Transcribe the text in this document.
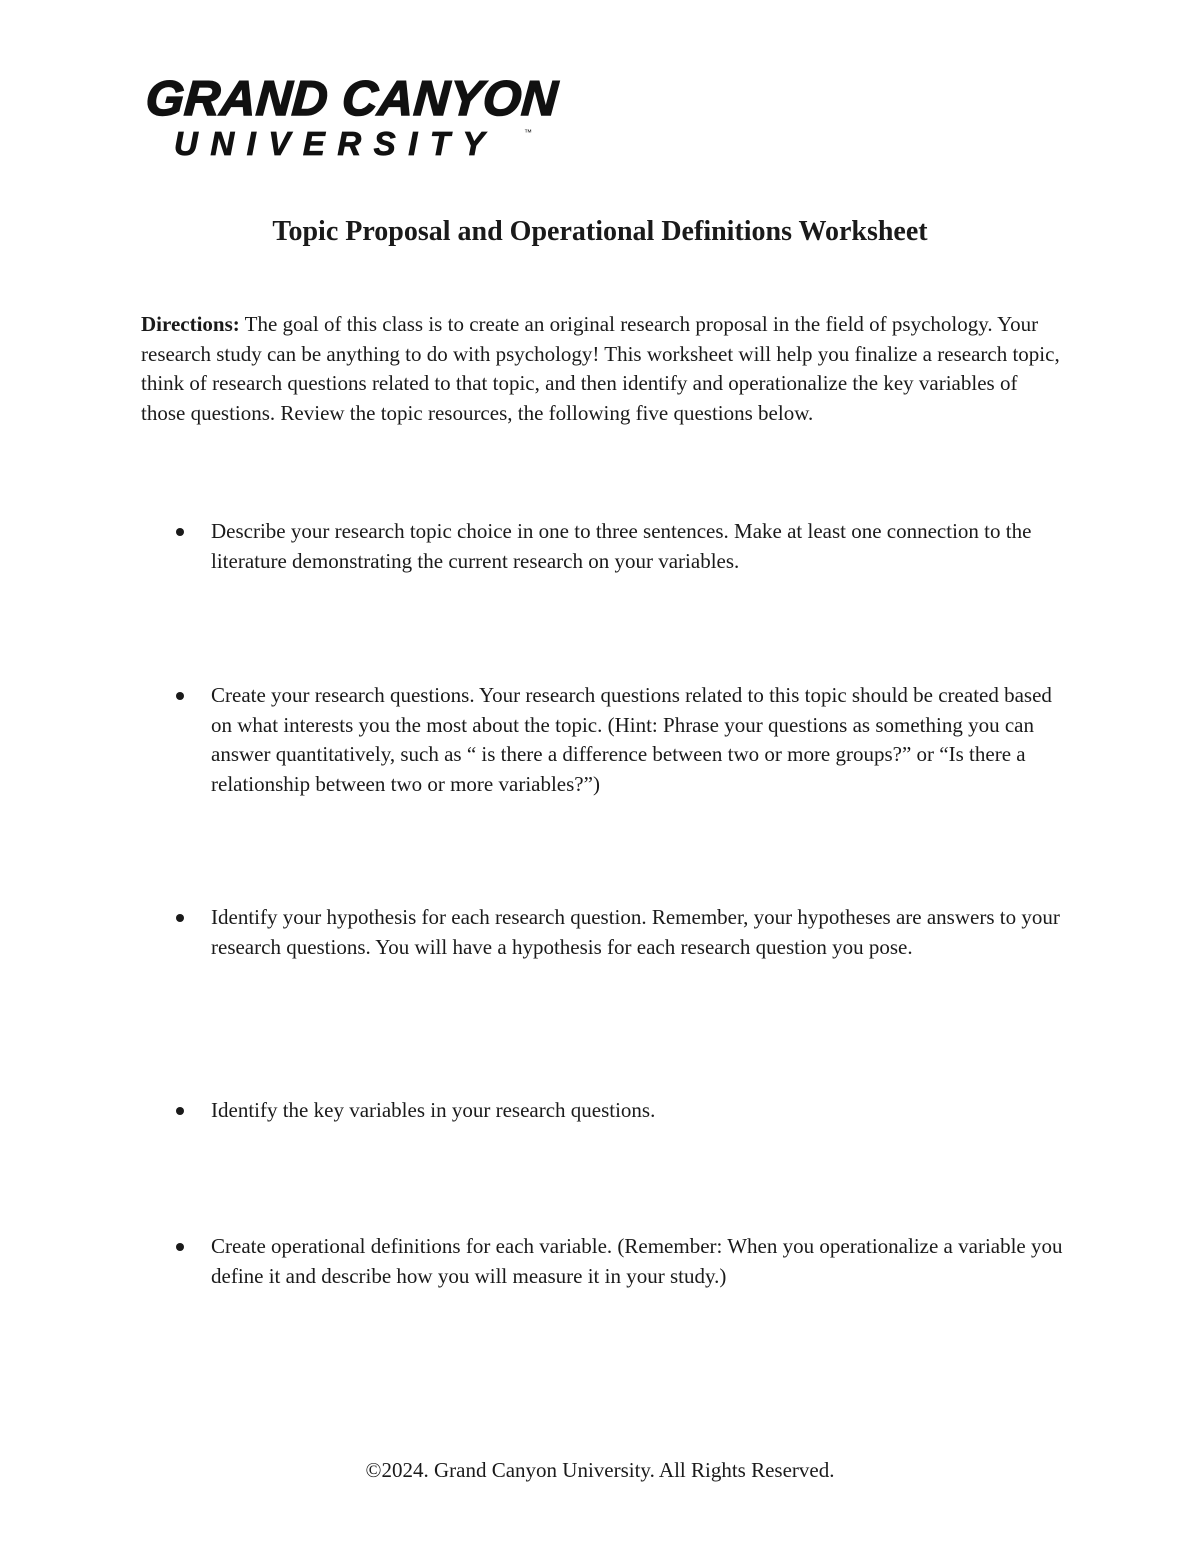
GRAND CANYON
UNIVERSITY	™
Topic Proposal and Operational Definitions Worksheet

Directions: The goal of this class is to create an original research proposal in the field of psychology. Your research study can be anything to do with psychology! This worksheet will help you finalize a research topic, think of research questions related to that topic, and then identify and operationalize the key variables of those questions. Review the topic resources, the following five questions below.

Describe your research topic choice in one to three sentences. Make at least one connection to the literature demonstrating the current research on your variables.
Create your research questions. Your research questions related to this topic should be created based on what interests you the most about the topic. (Hint: Phrase your questions as something you can answer quantitatively, such as “ is there a difference between two or more groups?” or “Is there a relationship between two or more variables?”)
Identify your hypothesis for each research question. Remember, your hypotheses are answers to your research questions. You will have a hypothesis for each research question you pose.
Identify the key variables in your research questions.
Create operational definitions for each variable. (Remember: When you operationalize a variable you define it and describe how you will measure it in your study.)
©2024. Grand Canyon University. All Rights Reserved.
